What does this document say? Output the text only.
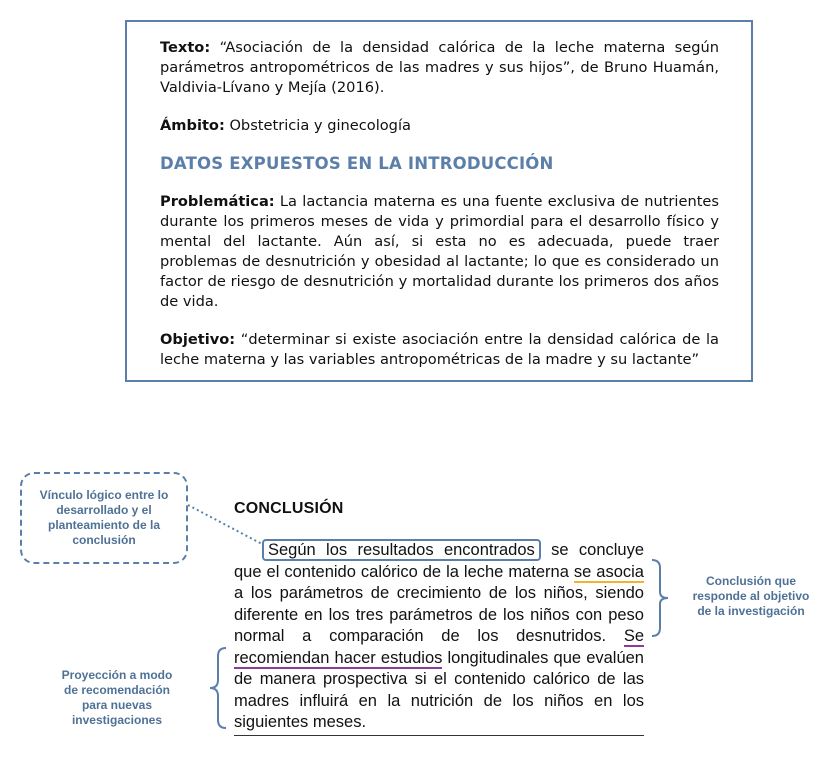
Texto: “Asociación de la densidad calórica de la leche materna según parámetros antropométricos de las madres y sus hijos”, de Bruno Huamán, Valdivia-Lívano y Mejía (2016).

Ámbito: Obstetricia y ginecología

DATOS EXPUESTOS EN LA INTRODUCCIÓN

Problemática: La lactancia materna es una fuente exclusiva de nutrientes durante los primeros meses de vida y primordial para el desarrollo físico y mental del lactante. Aún así, si esta no es adecuada, puede traer problemas de desnutrición y obesidad al lactante; lo que es considerado un factor de riesgo de desnutrición y mortalidad durante los primeros dos años de vida.

Objetivo: “determinar si existe asociación entre la densidad calórica de la leche materna y las variables antropométricas de la madre y su lactante”

Vínculo lógico entre lo desarrollado y el planteamiento de la conclusión
CONCLUSIÓN
Según los resultados encontrados se concluye que el contenido calórico de la leche materna se asocia a los parámetros de crecimiento de los niños, siendo diferente en los tres parámetros de los niños con peso normal a comparación de los desnutridos. Se recomiendan hacer estudios longitudinales que evalúen de manera prospectiva si el contenido calórico de las madres influirá en la nutrición de los niños en los siguientes meses.
Conclusión que responde al objetivo de la investigación
Proyección a modo de recomendación para nuevas investigaciones
